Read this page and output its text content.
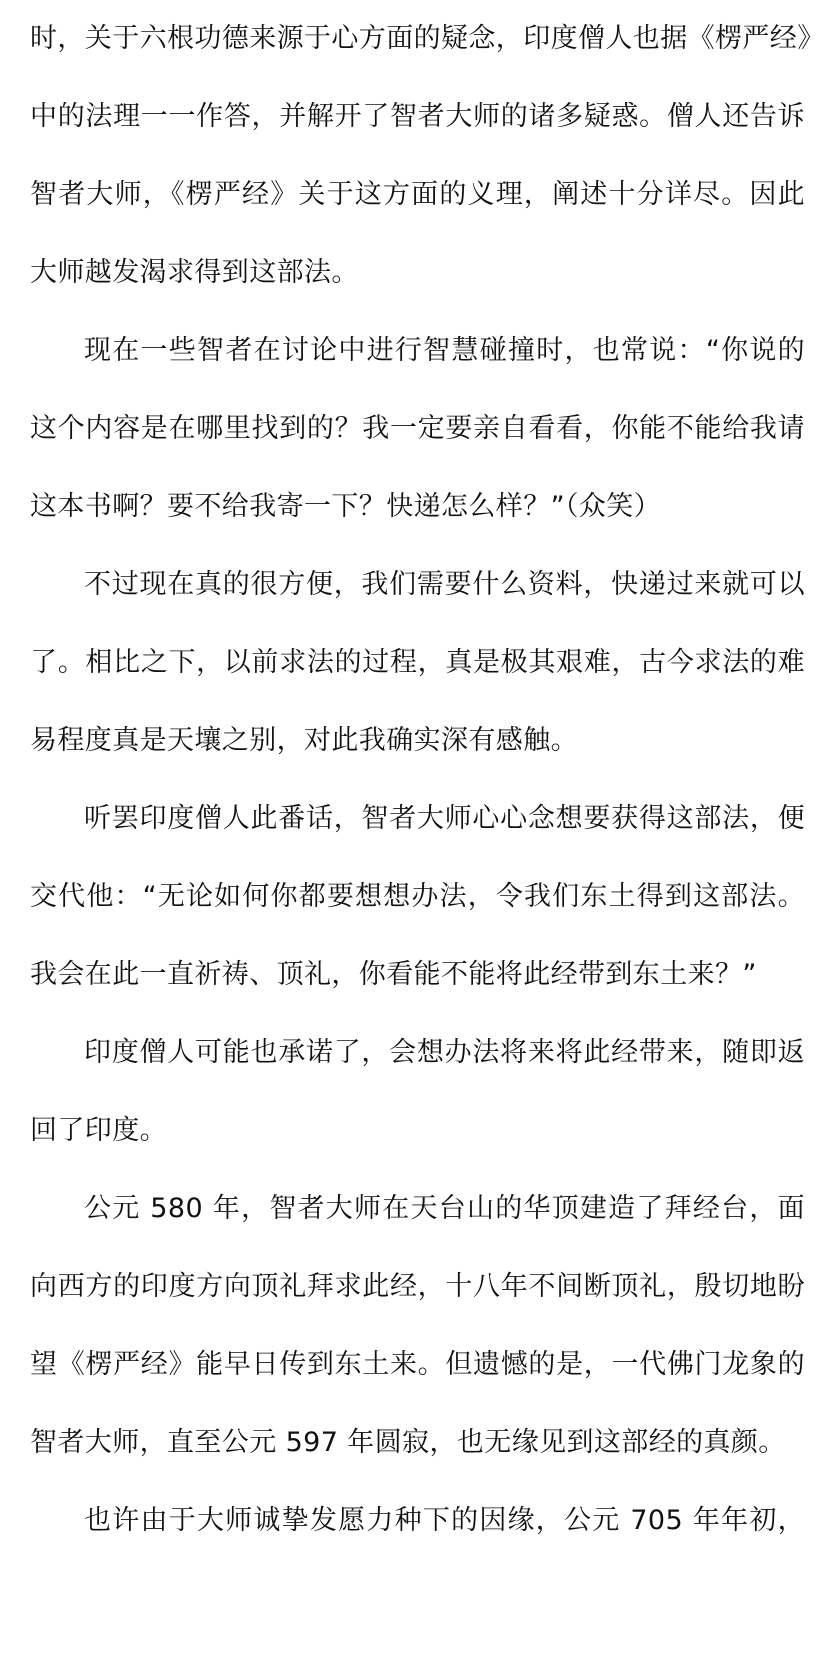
时，关于六根功德来源于心方面的疑念，印度僧人也据《楞严经》
中的法理一一作答，并解开了智者大师的诸多疑惑。僧人还告诉
智者大师，《楞严经》关于这方面的义理，阐述十分详尽。因此
大师越发渴求得到这部法。
现在一些智者在讨论中进行智慧碰撞时，也常说：“你说的
这个内容是在哪里找到的？我一定要亲自看看，你能不能给我请
这本书啊？要不给我寄一下？快递怎么样？”（众笑）
不过现在真的很方便，我们需要什么资料，快递过来就可以
了。相比之下，以前求法的过程，真是极其艰难，古今求法的难
易程度真是天壤之别，对此我确实深有感触。
听罢印度僧人此番话，智者大师心心念想要获得这部法，便
交代他：“无论如何你都要想想办法，令我们东土得到这部法。
我会在此一直祈祷、顶礼，你看能不能将此经带到东土来？”
印度僧人可能也承诺了，会想办法将来将此经带来，随即返
回了印度。
公元 580 年，智者大师在天台山的华顶建造了拜经台，面
向西方的印度方向顶礼拜求此经，十八年不间断顶礼，殷切地盼
望《楞严经》能早日传到东土来。但遗憾的是，一代佛门龙象的
智者大师，直至公元 597 年圆寂，也无缘见到这部经的真颜。
也许由于大师诚挚发愿力种下的因缘，公元 705 年年初，
